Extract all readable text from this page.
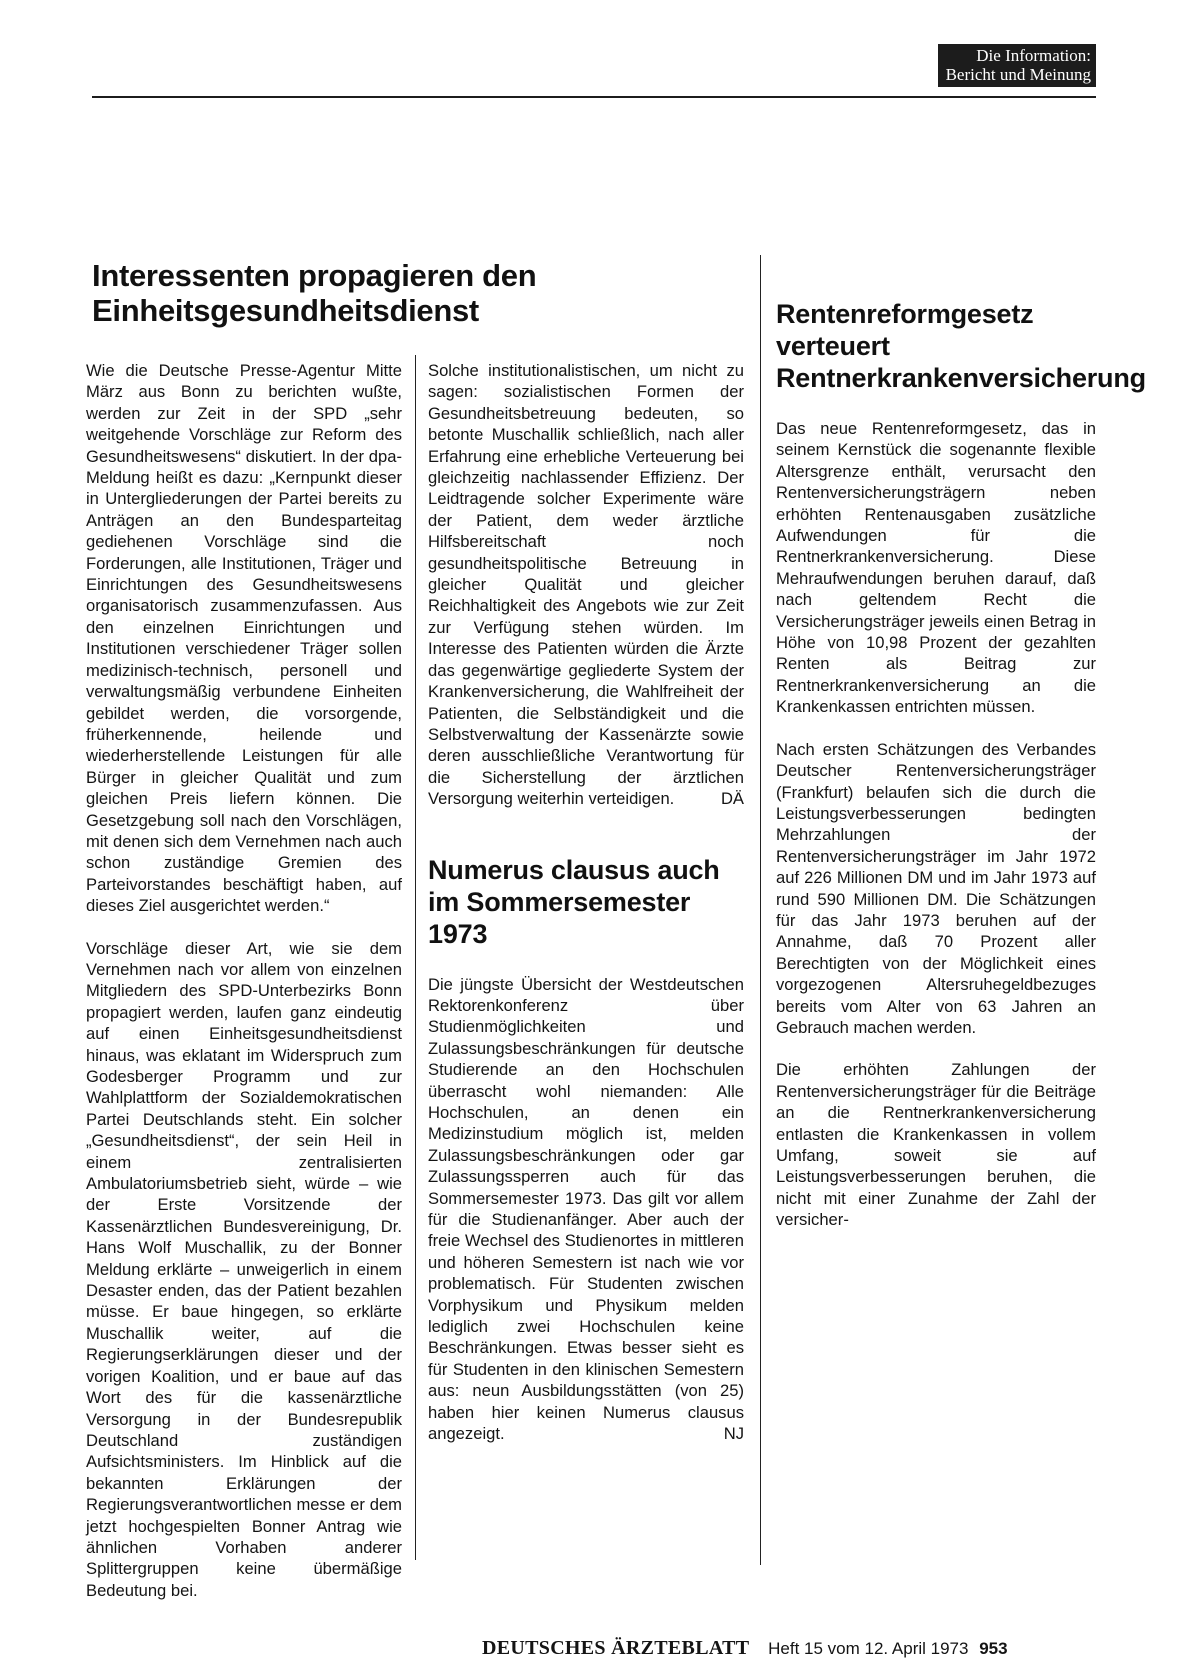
Die Information:
Bericht und Meinung
Interessenten propagieren den Einheitsgesundheitsdienst

Wie die Deutsche Presse-Agentur Mitte März aus Bonn zu berichten wußte, werden zur Zeit in der SPD „sehr weitgehende Vorschläge zur Reform des Gesundheitswesens“ diskutiert. In der dpa-Meldung heißt es dazu: „Kernpunkt dieser in Untergliederungen der Partei bereits zu Anträgen an den Bundesparteitag gediehenen Vorschläge sind die Forderungen, alle Institutionen, Träger und Einrichtungen des Gesundheitswesens organisatorisch zusammenzufassen. Aus den einzelnen Einrichtungen und Institutionen verschiedener Träger sollen medizinisch-technisch, personell und verwaltungsmäßig verbundene Einheiten gebildet werden, die vorsorgende, früherkennende, heilende und wiederherstellende Leistungen für alle Bürger in gleicher Qualität und zum gleichen Preis liefern können. Die Gesetzgebung soll nach den Vorschlägen, mit denen sich dem Vernehmen nach auch schon zuständige Gremien des Parteivorstandes beschäftigt haben, auf dieses Ziel ausgerichtet werden.“

Vorschläge dieser Art, wie sie dem Vernehmen nach vor allem von einzelnen Mitgliedern des SPD-Unterbezirks Bonn propagiert werden, laufen ganz eindeutig auf einen Einheitsgesundheitsdienst hinaus, was eklatant im Widerspruch zum Godesberger Programm und zur Wahlplattform der Sozialdemokratischen Partei Deutschlands steht. Ein solcher „Gesundheitsdienst“, der sein Heil in einem zentralisierten Ambulatoriumsbetrieb sieht, würde – wie der Erste Vorsitzende der Kassenärztlichen Bundesvereinigung, Dr. Hans Wolf Muschallik, zu der Bonner Meldung erklärte – unweigerlich in einem Desaster enden, das der Patient bezahlen müsse. Er baue hingegen, so erklärte Muschallik weiter, auf die Regierungserklärungen dieser und der vorigen Koalition, und er baue auf das Wort des für die kassenärztliche Versorgung in der Bundesrepublik Deutschland zuständigen Aufsichtsministers. Im Hinblick auf die bekannten Erklärungen der Regierungsverantwortlichen messe er dem jetzt hochgespielten Bonner Antrag wie ähnlichen Vorhaben anderer Splittergruppen keine übermäßige Bedeutung bei.

Solche institutionalistischen, um nicht zu sagen: sozialistischen Formen der Gesundheitsbetreuung bedeuten, so betonte Muschallik schließlich, nach aller Erfahrung eine erhebliche Verteuerung bei gleichzeitig nachlassender Effizienz. Der Leidtragende solcher Experimente wäre der Patient, dem weder ärztliche Hilfsbereitschaft noch gesundheitspolitische Betreuung in gleicher Qualität und gleicher Reichhaltigkeit des Angebots wie zur Zeit zur Verfügung stehen würden. Im Interesse des Patienten würden die Ärzte das gegenwärtige gegliederte System der Krankenversicherung, die Wahlfreiheit der Patienten, die Selbständigkeit und die Selbstverwaltung der Kassenärzte sowie deren ausschließliche Verantwortung für die Sicherstellung der ärztlichen Versorgung weiterhin verteidigen.	DÄ

Numerus clausus auch im Sommersemester 1973

Die jüngste Übersicht der Westdeutschen Rektorenkonferenz über Studienmöglichkeiten und Zulassungsbeschränkungen für deutsche Studierende an den Hochschulen überrascht wohl niemanden: Alle Hochschulen, an denen ein Medizinstudium möglich ist, melden Zulassungsbeschränkungen oder gar Zulassungssperren auch für das Sommersemester 1973. Das gilt vor allem für die Studienanfänger. Aber auch der freie Wechsel des Studienortes in mittleren und höheren Semestern ist nach wie vor problematisch. Für Studenten zwischen Vorphysikum und Physikum melden lediglich zwei Hochschulen keine Beschränkungen. Etwas besser sieht es für Studenten in den klinischen Semestern aus: neun Ausbildungsstätten (von 25) haben hier keinen Numerus clausus angezeigt.	NJ

Rentenreformgesetz verteuert Rentnerkrankenversicherung

Das neue Rentenreformgesetz, das in seinem Kernstück die sogenannte flexible Altersgrenze enthält, verursacht den Rentenversicherungsträgern neben erhöhten Rentenausgaben zusätzliche Aufwendungen für die Rentnerkrankenversicherung. Diese Mehraufwendungen beruhen darauf, daß nach geltendem Recht die Versicherungsträger jeweils einen Betrag in Höhe von 10,98 Prozent der gezahlten Renten als Beitrag zur Rentnerkrankenversicherung an die Krankenkassen entrichten müssen.

Nach ersten Schätzungen des Verbandes Deutscher Rentenversicherungsträger (Frankfurt) belaufen sich die durch die Leistungsverbesserungen bedingten Mehrzahlungen der Rentenversicherungsträger im Jahr 1972 auf 226 Millionen DM und im Jahr 1973 auf rund 590 Millionen DM. Die Schätzungen für das Jahr 1973 beruhen auf der Annahme, daß 70 Prozent aller Berechtigten von der Möglichkeit eines vorgezogenen Altersruhegeldbezuges bereits vom Alter von 63 Jahren an Gebrauch machen werden.

Die erhöhten Zahlungen der Rentenversicherungsträger für die Beiträge an die Rentnerkrankenversicherung entlasten die Krankenkassen in vollem Umfang, soweit sie auf Leistungsverbesserungen beruhen, die nicht mit einer Zunahme der Zahl der versicher-

DEUTSCHES ÄRZTEBLATT Heft 15 vom 12. April 1973 953
